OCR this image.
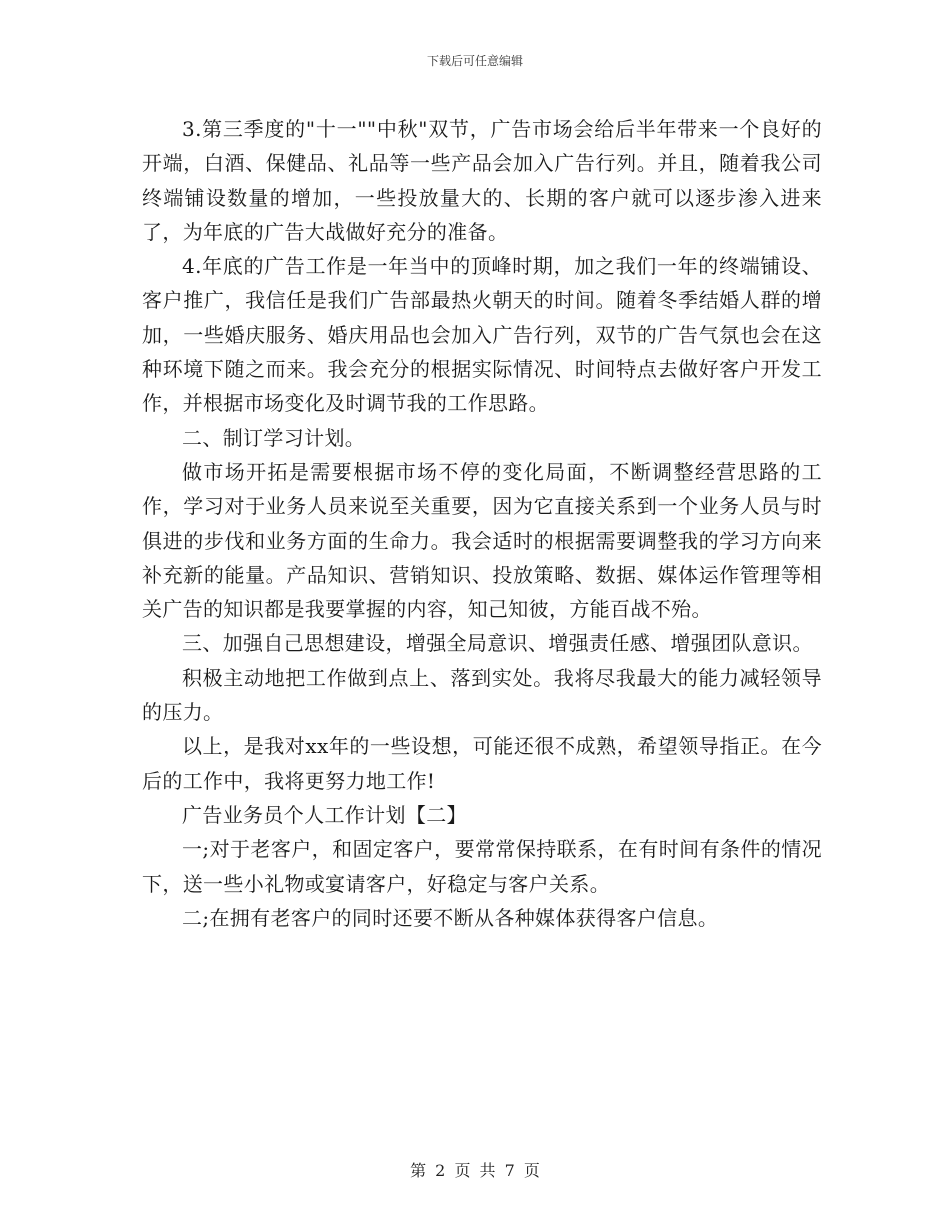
下载后可任意编辑

3.第三季度的"十一""中秋"双节，广告市场会给后半年带来一个良好的开端，白酒、保健品、礼品等一些产品会加入广告行列。并且，随着我公司终端铺设数量的增加，一些投放量大的、长期的客户就可以逐步渗入进来了，为年底的广告大战做好充分的准备。

4.年底的广告工作是一年当中的顶峰时期，加之我们一年的终端铺设、客户推广，我信任是我们广告部最热火朝天的时间。随着冬季结婚人群的增加，一些婚庆服务、婚庆用品也会加入广告行列，双节的广告气氛也会在这种环境下随之而来。我会充分的根据实际情况、时间特点去做好客户开发工作，并根据市场变化及时调节我的工作思路。

二、制订学习计划。

做市场开拓是需要根据市场不停的变化局面，不断调整经营思路的工作，学习对于业务人员来说至关重要，因为它直接关系到一个业务人员与时俱进的步伐和业务方面的生命力。我会适时的根据需要调整我的学习方向来补充新的能量。产品知识、营销知识、投放策略、数据、媒体运作管理等相关广告的知识都是我要掌握的内容，知己知彼，方能百战不殆。

三、加强自己思想建设，增强全局意识、增强责任感、增强团队意识。

积极主动地把工作做到点上、落到实处。我将尽我最大的能力减轻领导的压力。

以上，是我对xx年的一些设想，可能还很不成熟，希望领导指正。在今后的工作中，我将更努力地工作!

广告业务员个人工作计划【二】

一;对于老客户，和固定客户，要常常保持联系，在有时间有条件的情况下，送一些小礼物或宴请客户，好稳定与客户关系。

二;在拥有老客户的同时还要不断从各种媒体获得客户信息。

第 2 页 共 7 页
